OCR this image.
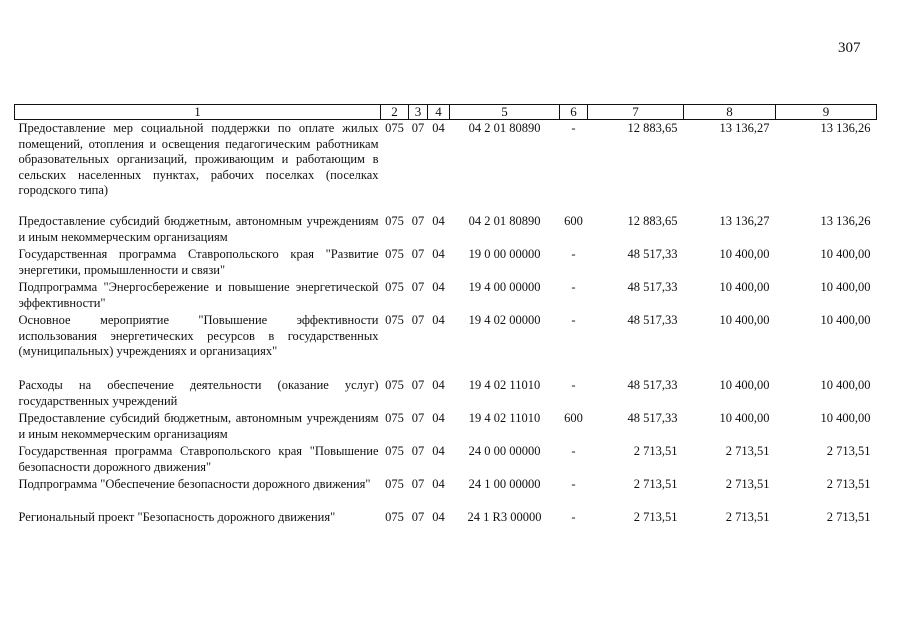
307
1	2	3	4	5	6	7	8	9
Предоставление мер социальной поддержки по оплате жилых помещений, отопления и освещения педагогическим работникам образовательных организаций, проживающим и работающим в сельских населенных пунктах, рабочих поселках (поселках городского типа)	075	07	04	04 2 01 80890	-	12 883,65	13 136,27	13 136,26
Предоставление субсидий бюджетным, автономным учреждениям и иным некоммерческим организациям	075	07	04	04 2 01 80890	600	12 883,65	13 136,27	13 136,26
Государственная программа Ставропольского края "Развитие энергетики, промышленности и связи"	075	07	04	19 0 00 00000	-	48 517,33	10 400,00	10 400,00
Подпрограмма "Энергосбережение и повышение энергетической эффективности"	075	07	04	19 4 00 00000	-	48 517,33	10 400,00	10 400,00
Основное мероприятие "Повышение эффективности использования энергетических ресурсов в государственных (муниципальных) учреждениях и организациях"	075	07	04	19 4 02 00000	-	48 517,33	10 400,00	10 400,00
Расходы на обеспечение деятельности (оказание услуг) государственных учреждений	075	07	04	19 4 02 11010	-	48 517,33	10 400,00	10 400,00
Предоставление субсидий бюджетным, автономным учреждениям и иным некоммерческим организациям	075	07	04	19 4 02 11010	600	48 517,33	10 400,00	10 400,00
Государственная программа Ставропольского края "Повышение безопасности дорожного движения"	075	07	04	24 0 00 00000	-	2 713,51	2 713,51	2 713,51
Подпрограмма "Обеспечение безопасности дорожного движения"	075	07	04	24 1 00 00000	-	2 713,51	2 713,51	2 713,51
Региональный проект "Безопасность дорожного движения"	075	07	04	24 1 R3 00000	-	2 713,51	2 713,51	2 713,51
